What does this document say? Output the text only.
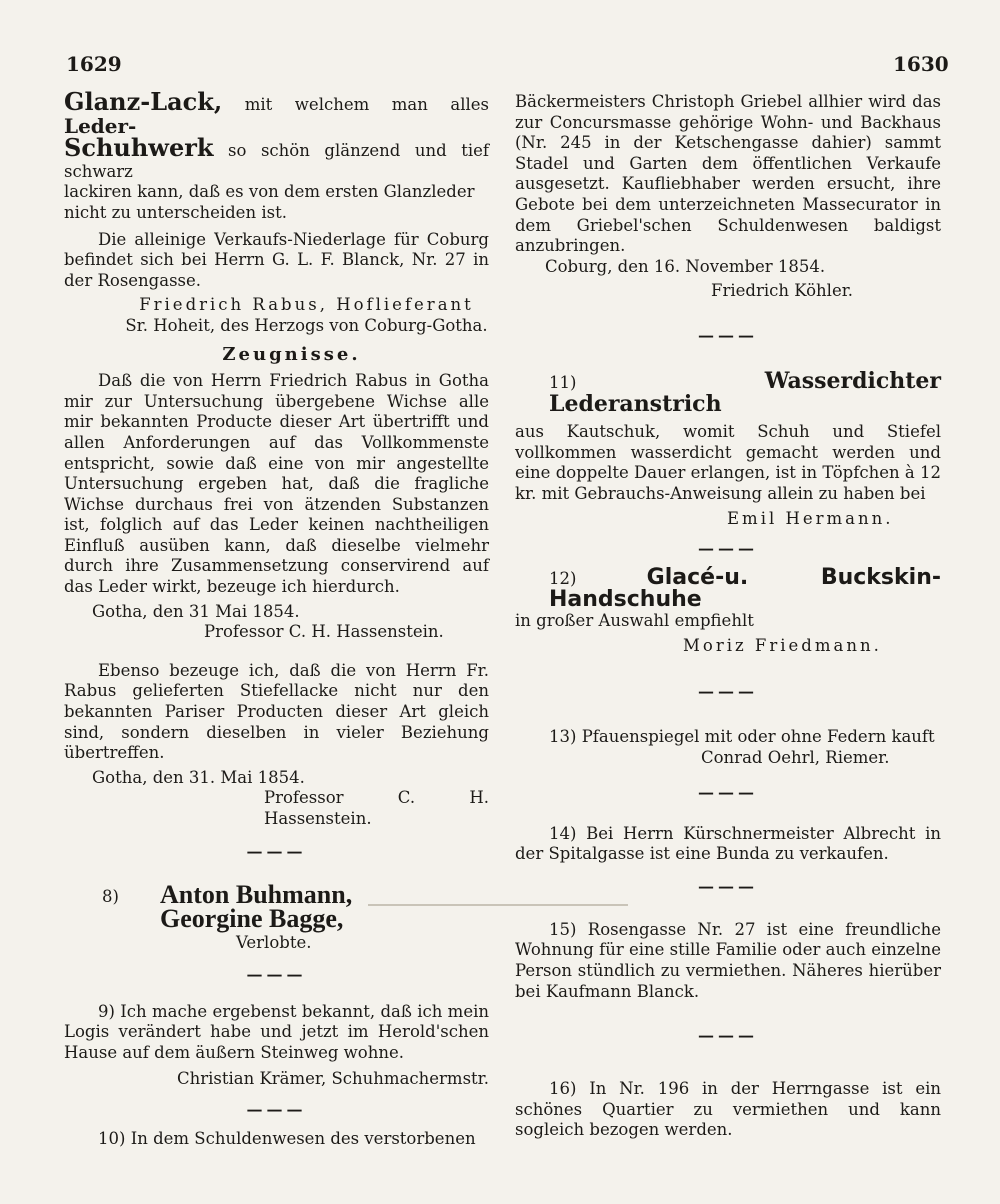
1629	1630

Glanz-Lack, mit welchem man alles Leder-

Schuhwerk so schön glänzend und tief schwarz

lackiren kann, daß es von dem ersten Glanzleder

nicht zu unterscheiden ist.

Die alleinige Verkaufs-Niederlage für Coburg befindet sich bei Herrn G. L. F. Blanck, Nr. 27 in der Rosengasse.

Friedrich Rabus, Hoflieferant

Sr. Hoheit, des Herzogs von Coburg-Gotha.

Zeugnisse.

Daß die von Herrn Friedrich Rabus in Gotha mir zur Untersuchung übergebene Wichse alle mir bekannten Producte dieser Art übertrifft und allen Anforderungen auf das Vollkommenste entspricht, sowie daß eine von mir angestellte Untersuchung ergeben hat, daß die fragliche Wichse durchaus frei von ätzenden Substanzen ist, folglich auf das Leder keinen nachtheiligen Einfluß ausüben kann, daß dieselbe vielmehr durch ihre Zusammensetzung conservirend auf das Leder wirkt, bezeuge ich hierdurch.

Gotha, den 31 Mai 1854.

Professor C. H. Hassenstein.

Ebenso bezeuge ich, daß die von Herrn Fr. Rabus gelieferten Stiefellacke nicht nur den bekannten Pariser Producten dieser Art gleich sind, sondern dieselben in vieler Beziehung übertreffen.

Gotha, den 31. Mai 1854.

Professor C. H. Hassenstein.

———

8) Anton Buhmann,

Georgine Bagge,

Verlobte.

———

9) Ich mache ergebenst bekannt, daß ich mein Logis verändert habe und jetzt im Herold'schen Hause auf dem äußern Steinweg wohne.

Christian Krämer, Schuhmachermstr.

———

10) In dem Schuldenwesen des verstorbenen

Bäckermeisters Christoph Griebel allhier wird das zur Concursmasse gehörige Wohn- und Backhaus (Nr. 245 in der Ketschengasse dahier) sammt Stadel und Garten dem öffentlichen Verkaufe ausgesetzt. Kaufliebhaber werden ersucht, ihre Gebote bei dem unterzeichneten Massecurator in dem Griebel'schen Schuldenwesen baldigst anzubringen.

Coburg, den 16. November 1854.

Friedrich Köhler.

———

11)	Wasserdichter Lederanstrich

aus Kautschuk, womit Schuh und Stiefel vollkommen wasserdicht gemacht werden und eine doppelte Dauer erlangen, ist in Töpfchen à 12 kr. mit Gebrauchs-Anweisung allein zu haben bei

Emil Hermann.

———

12)	Glacé-u. Buckskin-Handschuhe

in großer Auswahl empfiehlt

Moriz Friedmann.

———

13) Pfauenspiegel mit oder ohne Federn kauft

Conrad Oehrl, Riemer.

———

14) Bei Herrn Kürschnermeister Albrecht in der Spitalgasse ist eine Bunda zu verkaufen.

———

15) Rosengasse Nr. 27 ist eine freundliche Wohnung für eine stille Familie oder auch einzelne Person stündlich zu vermiethen. Näheres hierüber bei Kaufmann Blanck.

———

16) In Nr. 196 in der Herrngasse ist ein schönes Quartier zu vermiethen und kann sogleich bezogen werden.
